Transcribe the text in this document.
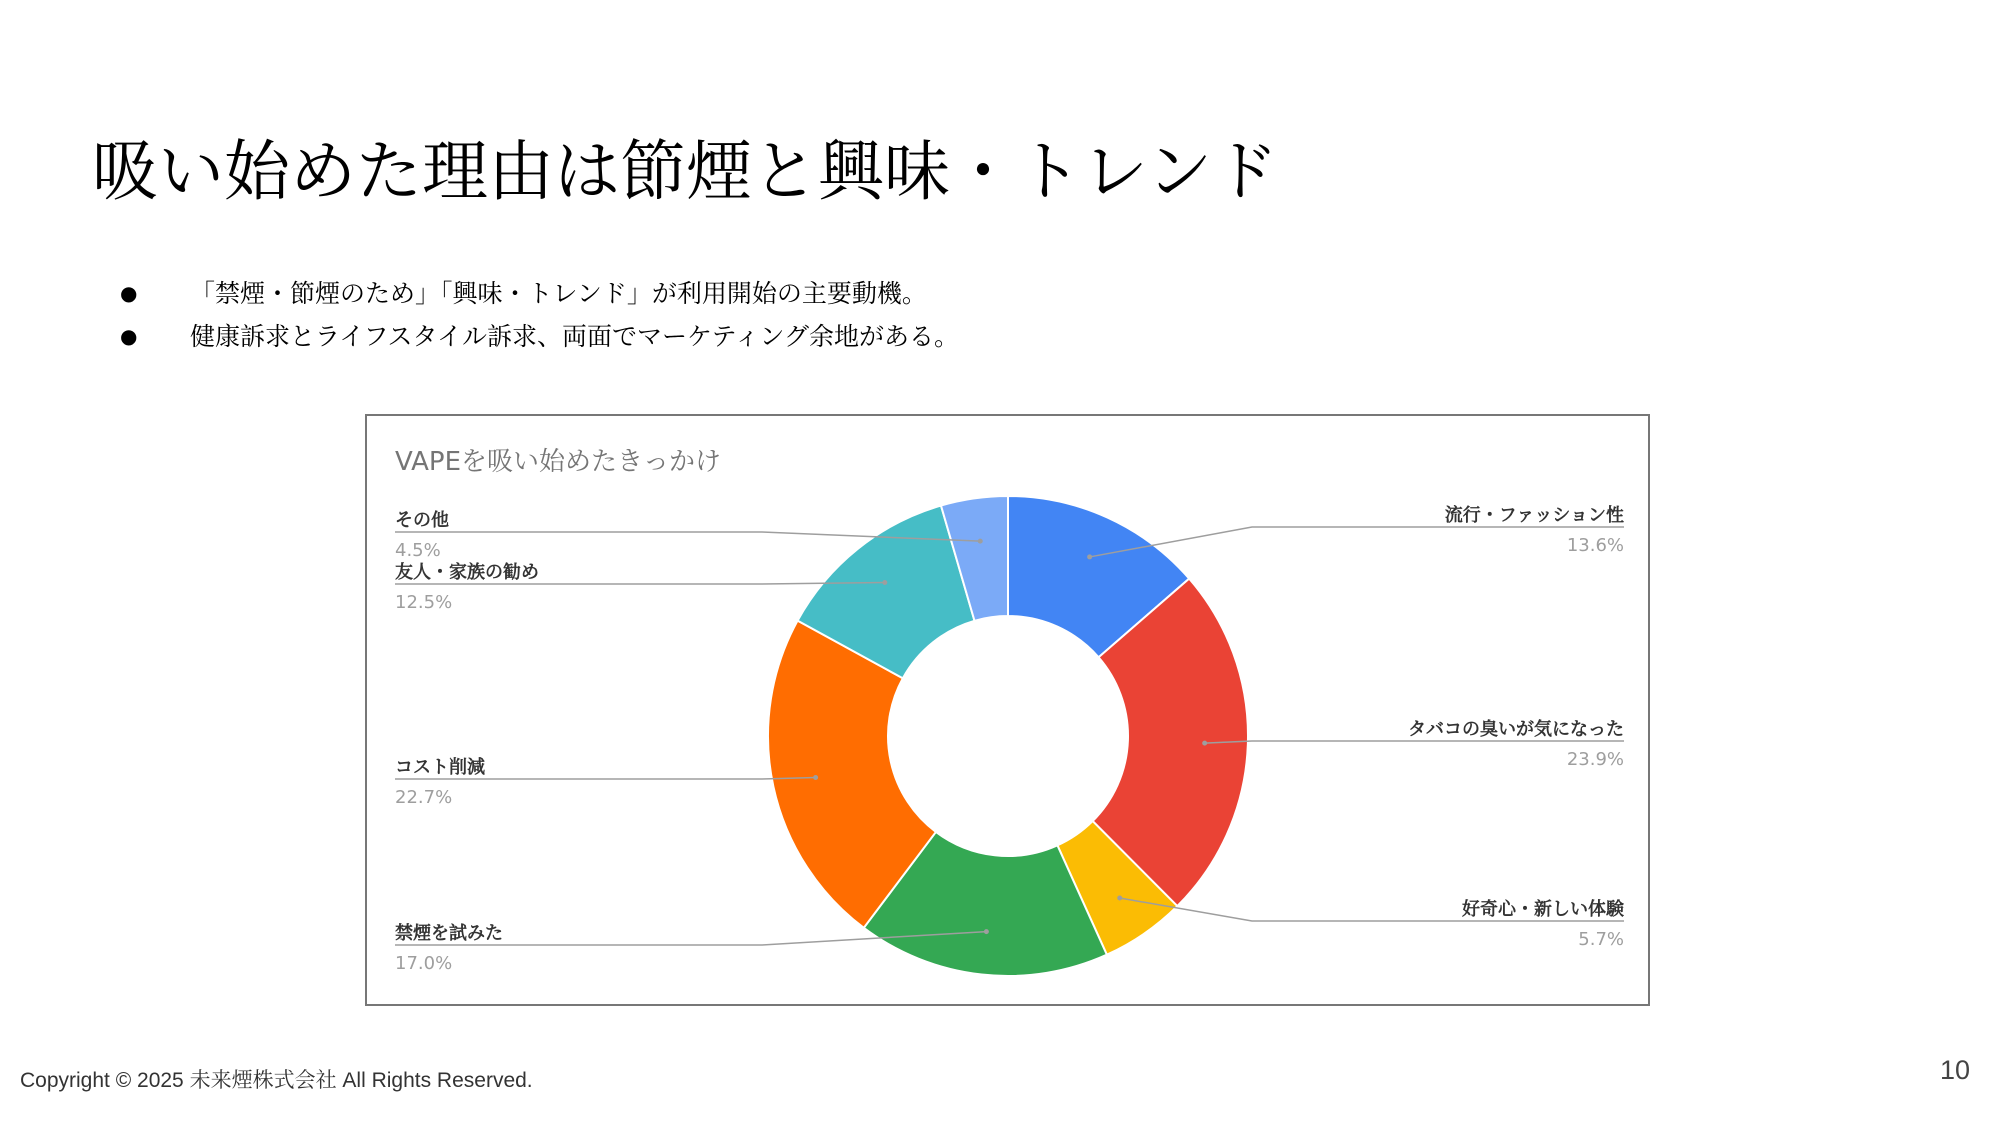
吸い始めた理由は節煙と興味・トレンド
● 「禁煙・節煙のため」「興味・トレンド」が利用開始の主要動機。
● 健康訴求とライフスタイル訴求、両面でマーケティング余地がある。
VAPEを吸い始めたきっかけ
流行・ファッション性
13.6%
タバコの臭いが気になった
23.9%
好奇心・新しい体験
5.7%
禁煙を試みた
17.0%
コスト削減
22.7%
友人・家族の勧め
12.5%
その他
4.5%
Copyright © 2025 未来煙株式会社 All Rights Reserved.	10
